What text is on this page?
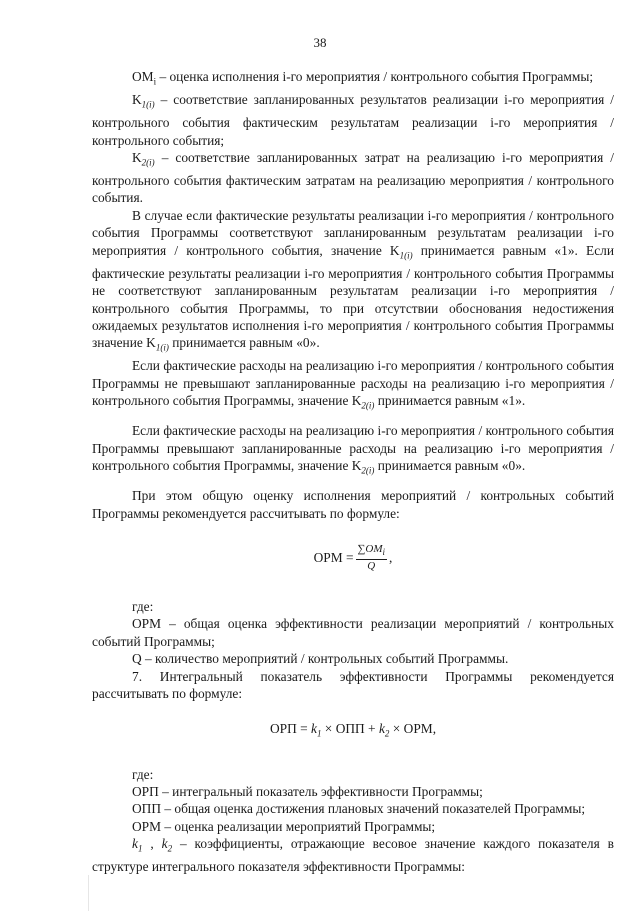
38

$OM_i$ – оценка исполнения i-го мероприятия / контрольного события Программы;

$K_{1(i)}$ – соответствие запланированных результатов реализации i-го мероприятия / контрольного события фактическим результатам реализации i-го мероприятия / контрольного события;

$K_{2(i)}$ – соответствие запланированных затрат на реализацию i-го мероприятия / контрольного события фактическим затратам на реализацию мероприятия / контрольного события.

В случае если фактические результаты реализации i-го мероприятия / контрольного события Программы соответствуют запланированным результатам реализации i-го мероприятия / контрольного события, значение $K_{1(i)}$ принимается равным «1». Если фактические результаты реализации i-го мероприятия / контрольного события Программы не соответствуют запланированным результатам реализации i-го мероприятия / контрольного события Программы, то при отсутствии обоснования недостижения ожидаемых результатов исполнения i-го мероприятия / контрольного события Программы значение $K_{1(i)}$ принимается равным «0».

Если фактические расходы на реализацию i-го мероприятия / контрольного события Программы не превышают запланированные расходы на реализацию i-го мероприятия / контрольного события Программы, значение $K_{2(i)}$ принимается равным «1».

Если фактические расходы на реализацию i-го мероприятия / контрольного события Программы превышают запланированные расходы на реализацию i-го мероприятия / контрольного события Программы, значение $K_{2(i)}$ принимается равным «0».

При этом общую оценку исполнения мероприятий / контрольных событий Программы рекомендуется рассчитывать по формуле:

ОРМ = $\frac{\sum OM_i}{Q}$ ,

где:

ОРМ – общая оценка эффективности реализации мероприятий / контрольных событий Программы;

Q – количество мероприятий / контрольных событий Программы.

7. Интегральный показатель эффективности Программы рекомендуется рассчитывать по формуле:

ОРП = $k_1$ × ОПП + $k_2$ × ОРМ,

где:

ОРП – интегральный показатель эффективности Программы;

ОПП – общая оценка достижения плановых значений показателей Программы;

ОРМ – оценка реализации мероприятий Программы;

$k_1$ , $k_2$ – коэффициенты, отражающие весовое значение каждого показателя в структуре интегрального показателя эффективности Программы:
